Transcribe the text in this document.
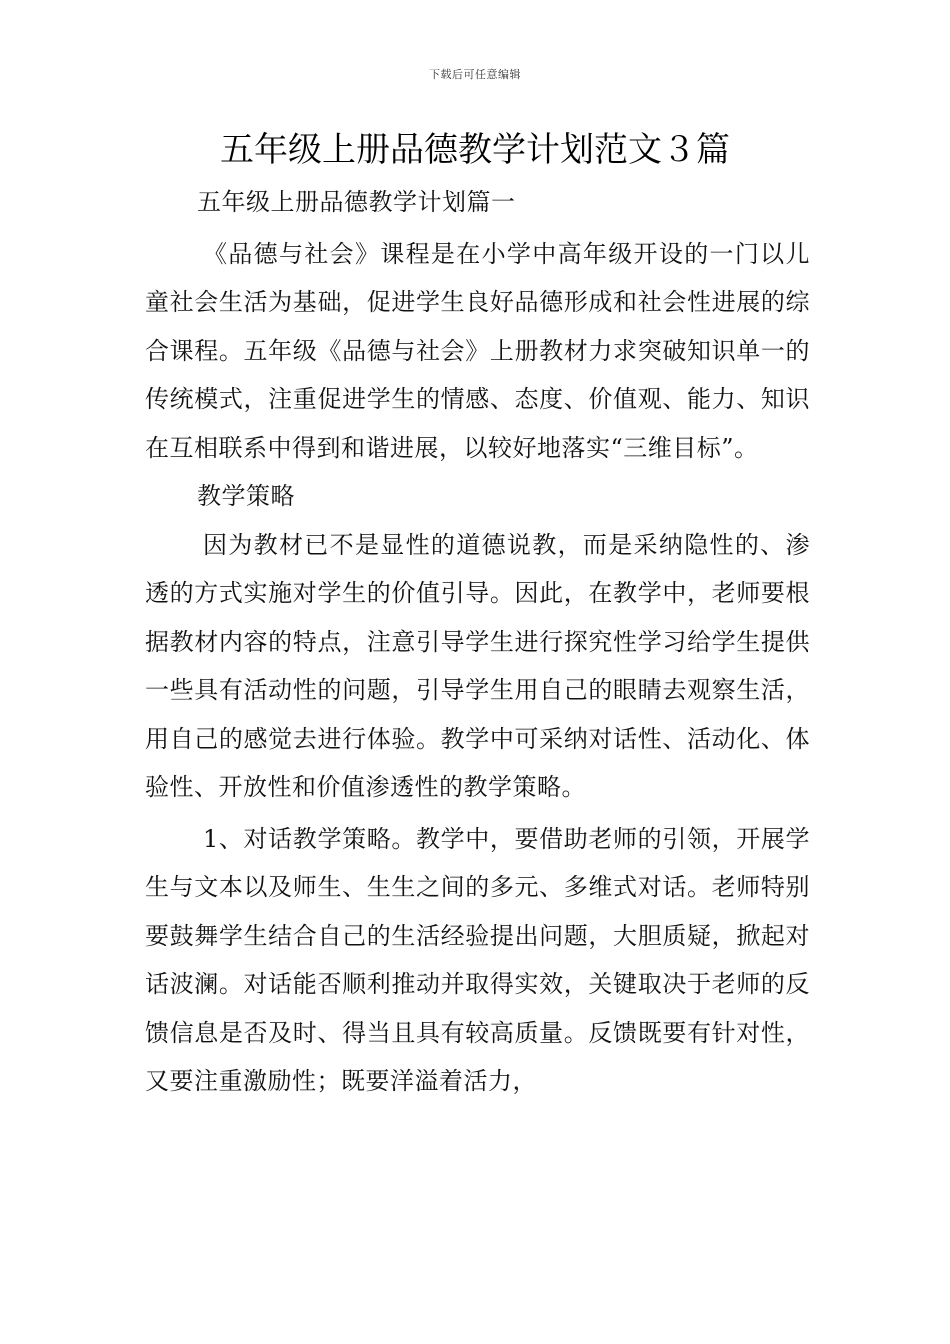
下载后可任意编辑
五年级上册品德教学计划范文３篇

五年级上册品德教学计划篇一

《品德与社会》课程是在小学中高年级开设的一门以儿童社会生活为基础，促进学生良好品德形成和社会性进展的综合课程。五年级《品德与社会》上册教材力求突破知识单一的传统模式，注重促进学生的情感、态度、价值观、能力、知识在互相联系中得到和谐进展，以较好地落实“三维目标”。

教学策略

因为教材已不是显性的道德说教，而是采纳隐性的、渗透的方式实施对学生的价值引导。因此，在教学中，老师要根据教材内容的特点，注意引导学生进行探究性学习给学生提供一些具有活动性的问题，引导学生用自己的眼睛去观察生活，用自己的感觉去进行体验。教学中可采纳对话性、活动化、体验性、开放性和价值渗透性的教学策略。

1、对话教学策略。教学中，要借助老师的引领，开展学生与文本以及师生、生生之间的多元、多维式对话。老师特别要鼓舞学生结合自己的生活经验提出问题，大胆质疑，掀起对话波澜。对话能否顺利推动并取得实效，关键取决于老师的反馈信息是否及时、得当且具有较高质量。反馈既要有针对性，又要注重激励性；既要洋溢着活力，
